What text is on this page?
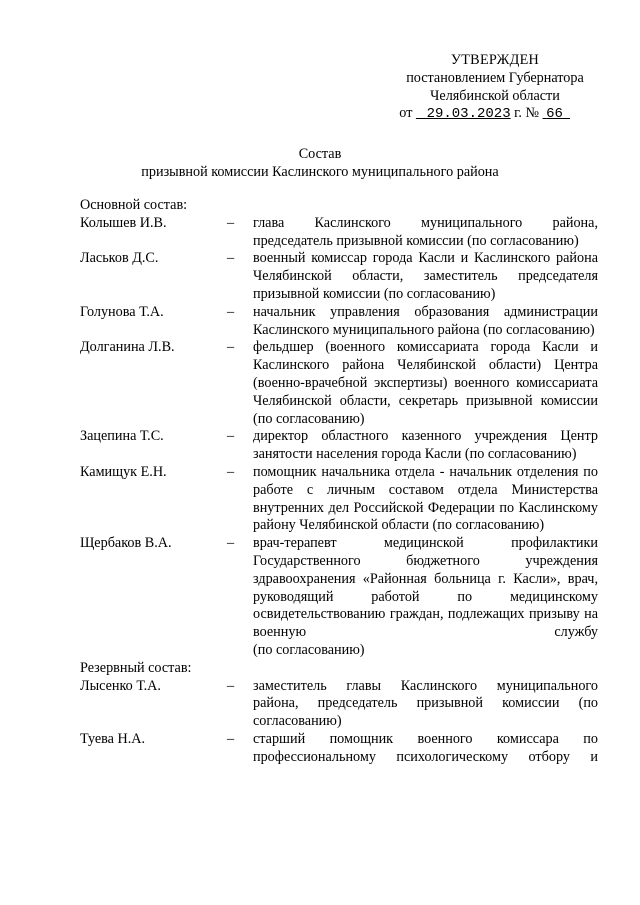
УТВЕРЖДЕН
постановлением Губернатора
Челябинской области
от 29.03.2023 г. № 66
Состав
призывной комиссии Каслинского муниципального района
Основной состав:
Колышев И.В.	–	глава Каслинского муниципального района, председатель призывной комиссии (по согласованию)
Ласьков Д.С.	–	военный комиссар города Касли и Каслинского района Челябинской области, заместитель председателя призывной комиссии (по согласованию)
Голунова Т.А.	–	начальник управления образования администрации Каслинского муниципального района (по согласованию)
Долганина Л.В.	–	фельдшер (военного комиссариата города Касли и Каслинского района Челябинской области) Центра (военно-врачебной экспертизы) военного комиссариата Челябинской области, секретарь призывной комиссии (по согласованию)
Зацепина Т.С.	–	директор областного казенного учреждения Центр занятости населения города Касли (по согласованию)
Камищук Е.Н.	–	помощник начальника отдела - начальник отделения по работе с личным составом отдела Министерства внутренних дел Российской Федерации по Каслинскому району Челябинской области (по согласованию)
Щербаков В.А.	–	врач-терапевт медицинской профилактики Государственного бюджетного учреждения здравоохранения «Районная больница г. Касли», врач, руководящий работой по медицинскому освидетельствованию граждан, подлежащих призыву на военную службу
(по согласованию)
Резервный состав:
Лысенко Т.А.	–	заместитель главы Каслинского муниципального района, председатель призывной комиссии (по согласованию)
Туева Н.А.	–	старший помощник военного комиссара по профессиональному психологическому отбору и
